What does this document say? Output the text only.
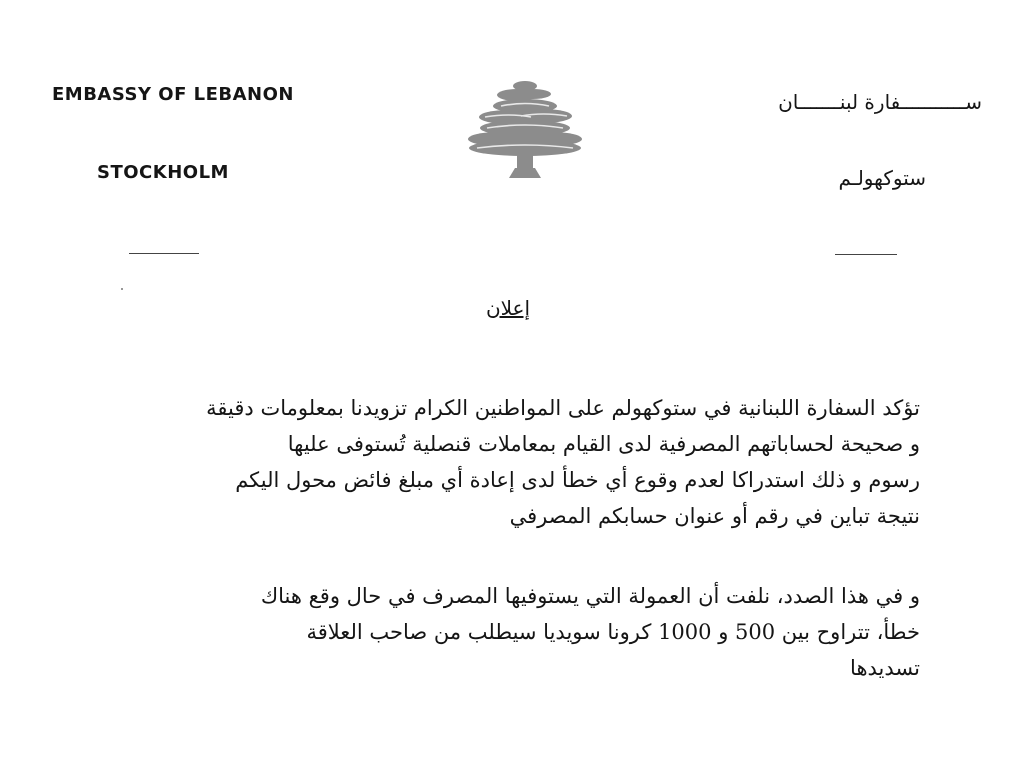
EMBASSY OF LEBANON
STOCKHOLM
ســـــــــــفارة لبنـــــــان
ستوكهولـم
إعلان
تؤكد السفارة اللبنانية في ستوكهولم على المواطنين الكرام تزويدنا بمعلومات دقيقة
و صحيحة لحساباتهم المصرفية لدى القيام بمعاملات قنصلية تُستوفى عليها
رسوم و ذلك استدراكا لعدم وقوع أي خطأ لدى إعادة أي مبلغ فائض محول اليكم
نتيجة تباين في رقم أو عنوان حسابكم المصرفي
و في هذا الصدد، نلفت أن العمولة التي يستوفيها المصرف في حال وقع هناك
خطأ، تتراوح بين 500 و 1000 كرونا سويديا سيطلب من صاحب العلاقة
تسديدها
